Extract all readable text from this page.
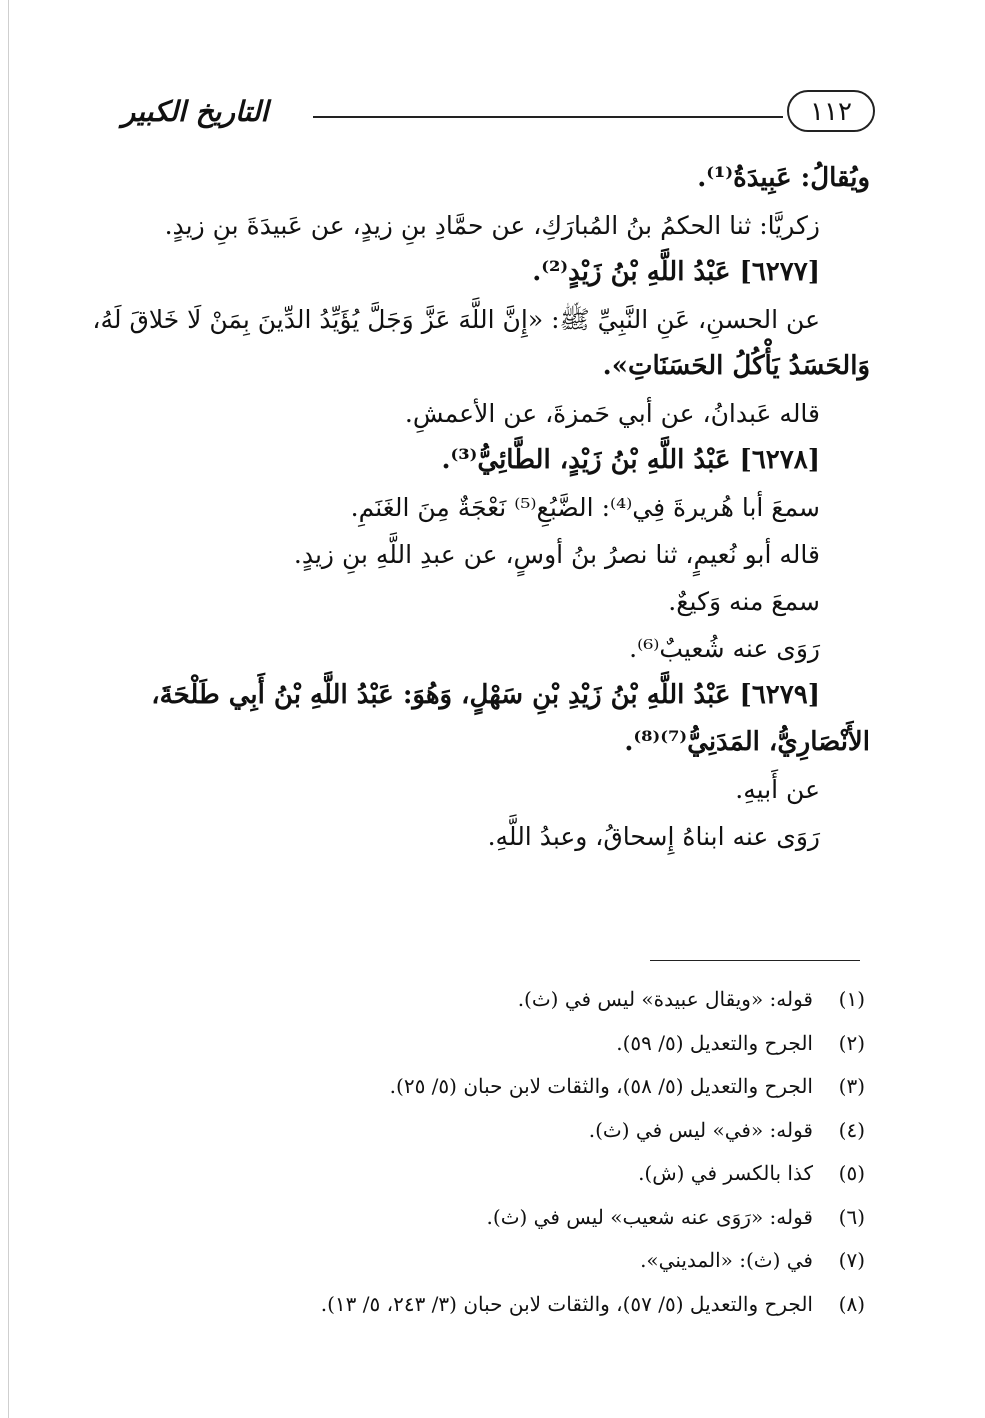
١١٢
التاريخ الكبير
ويُقالُ: عَبِيدَةُ⁽¹⁾.
زكريَّا: ثنا الحكمُ بنُ المُبارَكِ، عن حمَّادِ بنِ زيدٍ، عن عَبيدَةَ بنِ زيدٍ.
[٦٢٧٧] عَبْدُ اللَّهِ بْنُ زَيْدٍ⁽²⁾.
عن الحسنِ، عَنِ النَّبِيِّ ﷺ: «إِنَّ اللَّهَ عَزَّ وَجَلَّ يُؤَيِّدُ الدِّينَ بِمَنْ لَا خَلاقَ لَهُ،
وَالحَسَدُ يَأْكُلُ الحَسَنَاتِ».
قاله عَبدانُ، عن أبي حَمزةَ، عن الأعمشِ.
[٦٢٧٨] عَبْدُ اللَّهِ بْنُ زَيْدٍ، الطَّائِيُّ⁽³⁾.
سمعَ أبا هُريرةَ فِي⁽⁴⁾: الضَّبُعِ⁽⁵⁾ نَعْجَةٌ مِنَ الغَنَمِ.
قاله أبو نُعيمٍ، ثنا نصرُ بنُ أوسٍ، عن عبدِ اللَّهِ بنِ زيدٍ.
سمعَ منه وَكيعٌ.
رَوَى عنه شُعيبٌ⁽⁶⁾.
[٦٢٧٩] عَبْدُ اللَّهِ بْنُ زَيْدِ بْنِ سَهْلٍ، وَهُوَ: عَبْدُ اللَّهِ بْنُ أَبِي طَلْحَةَ،
الأَنْصَارِيُّ، المَدَنِيُّ⁽⁷⁾⁽⁸⁾.
عن أَبيهِ.
رَوَى عنه ابناهُ إِسحاقُ، وعبدُ اللَّهِ.
(١)قوله: «ويقال عبيدة» ليس في (ث).
(٢)الجرح والتعديل (٥/ ٥٩).
(٣)الجرح والتعديل (٥/ ٥٨)، والثقات لابن حبان (٥/ ٢٥).
(٤)قوله: «في» ليس في (ث).
(٥)كذا بالكسر في (ش).
(٦)قوله: «رَوَى عنه شعيب» ليس في (ث).
(٧)في (ث): «المديني».
(٨)الجرح والتعديل (٥/ ٥٧)، والثقات لابن حبان (٣/ ٢٤٣، ٥/ ١٣).
